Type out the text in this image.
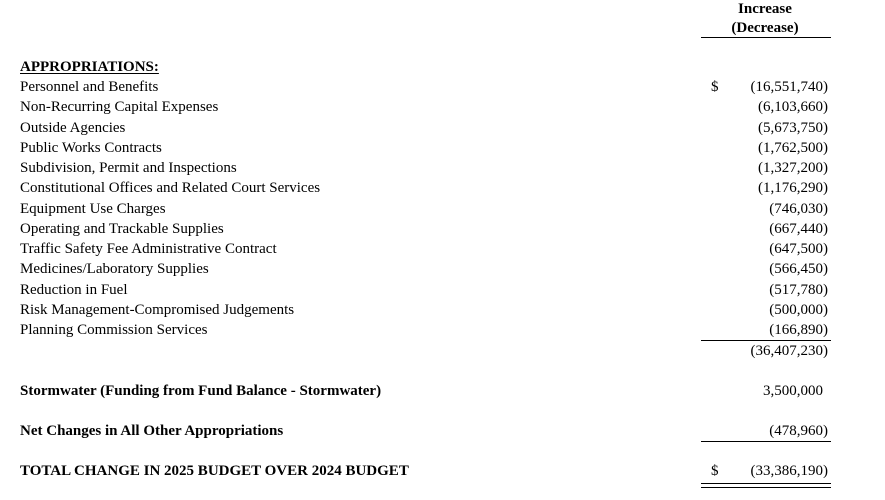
Increase
(Decrease)
APPROPRIATIONS:
Personnel and Benefits	$ (16,551,740)
Non-Recurring Capital Expenses	(6,103,660)
Outside Agencies	(5,673,750)
Public Works Contracts	(1,762,500)
Subdivision, Permit and Inspections	(1,327,200)
Constitutional Offices and Related Court Services	(1,176,290)
Equipment Use Charges	(746,030)
Operating and Trackable Supplies	(667,440)
Traffic Safety Fee Administrative Contract	(647,500)
Medicines/Laboratory Supplies	(566,450)
Reduction in Fuel	(517,780)
Risk Management-Compromised Judgements	(500,000)
Planning Commission Services	(166,890)
(36,407,230)
Stormwater (Funding from Fund Balance - Stormwater)	3,500,000
Net Changes in All Other Appropriations	(478,960)
TOTAL CHANGE IN 2025 BUDGET OVER 2024 BUDGET	$ (33,386,190)
